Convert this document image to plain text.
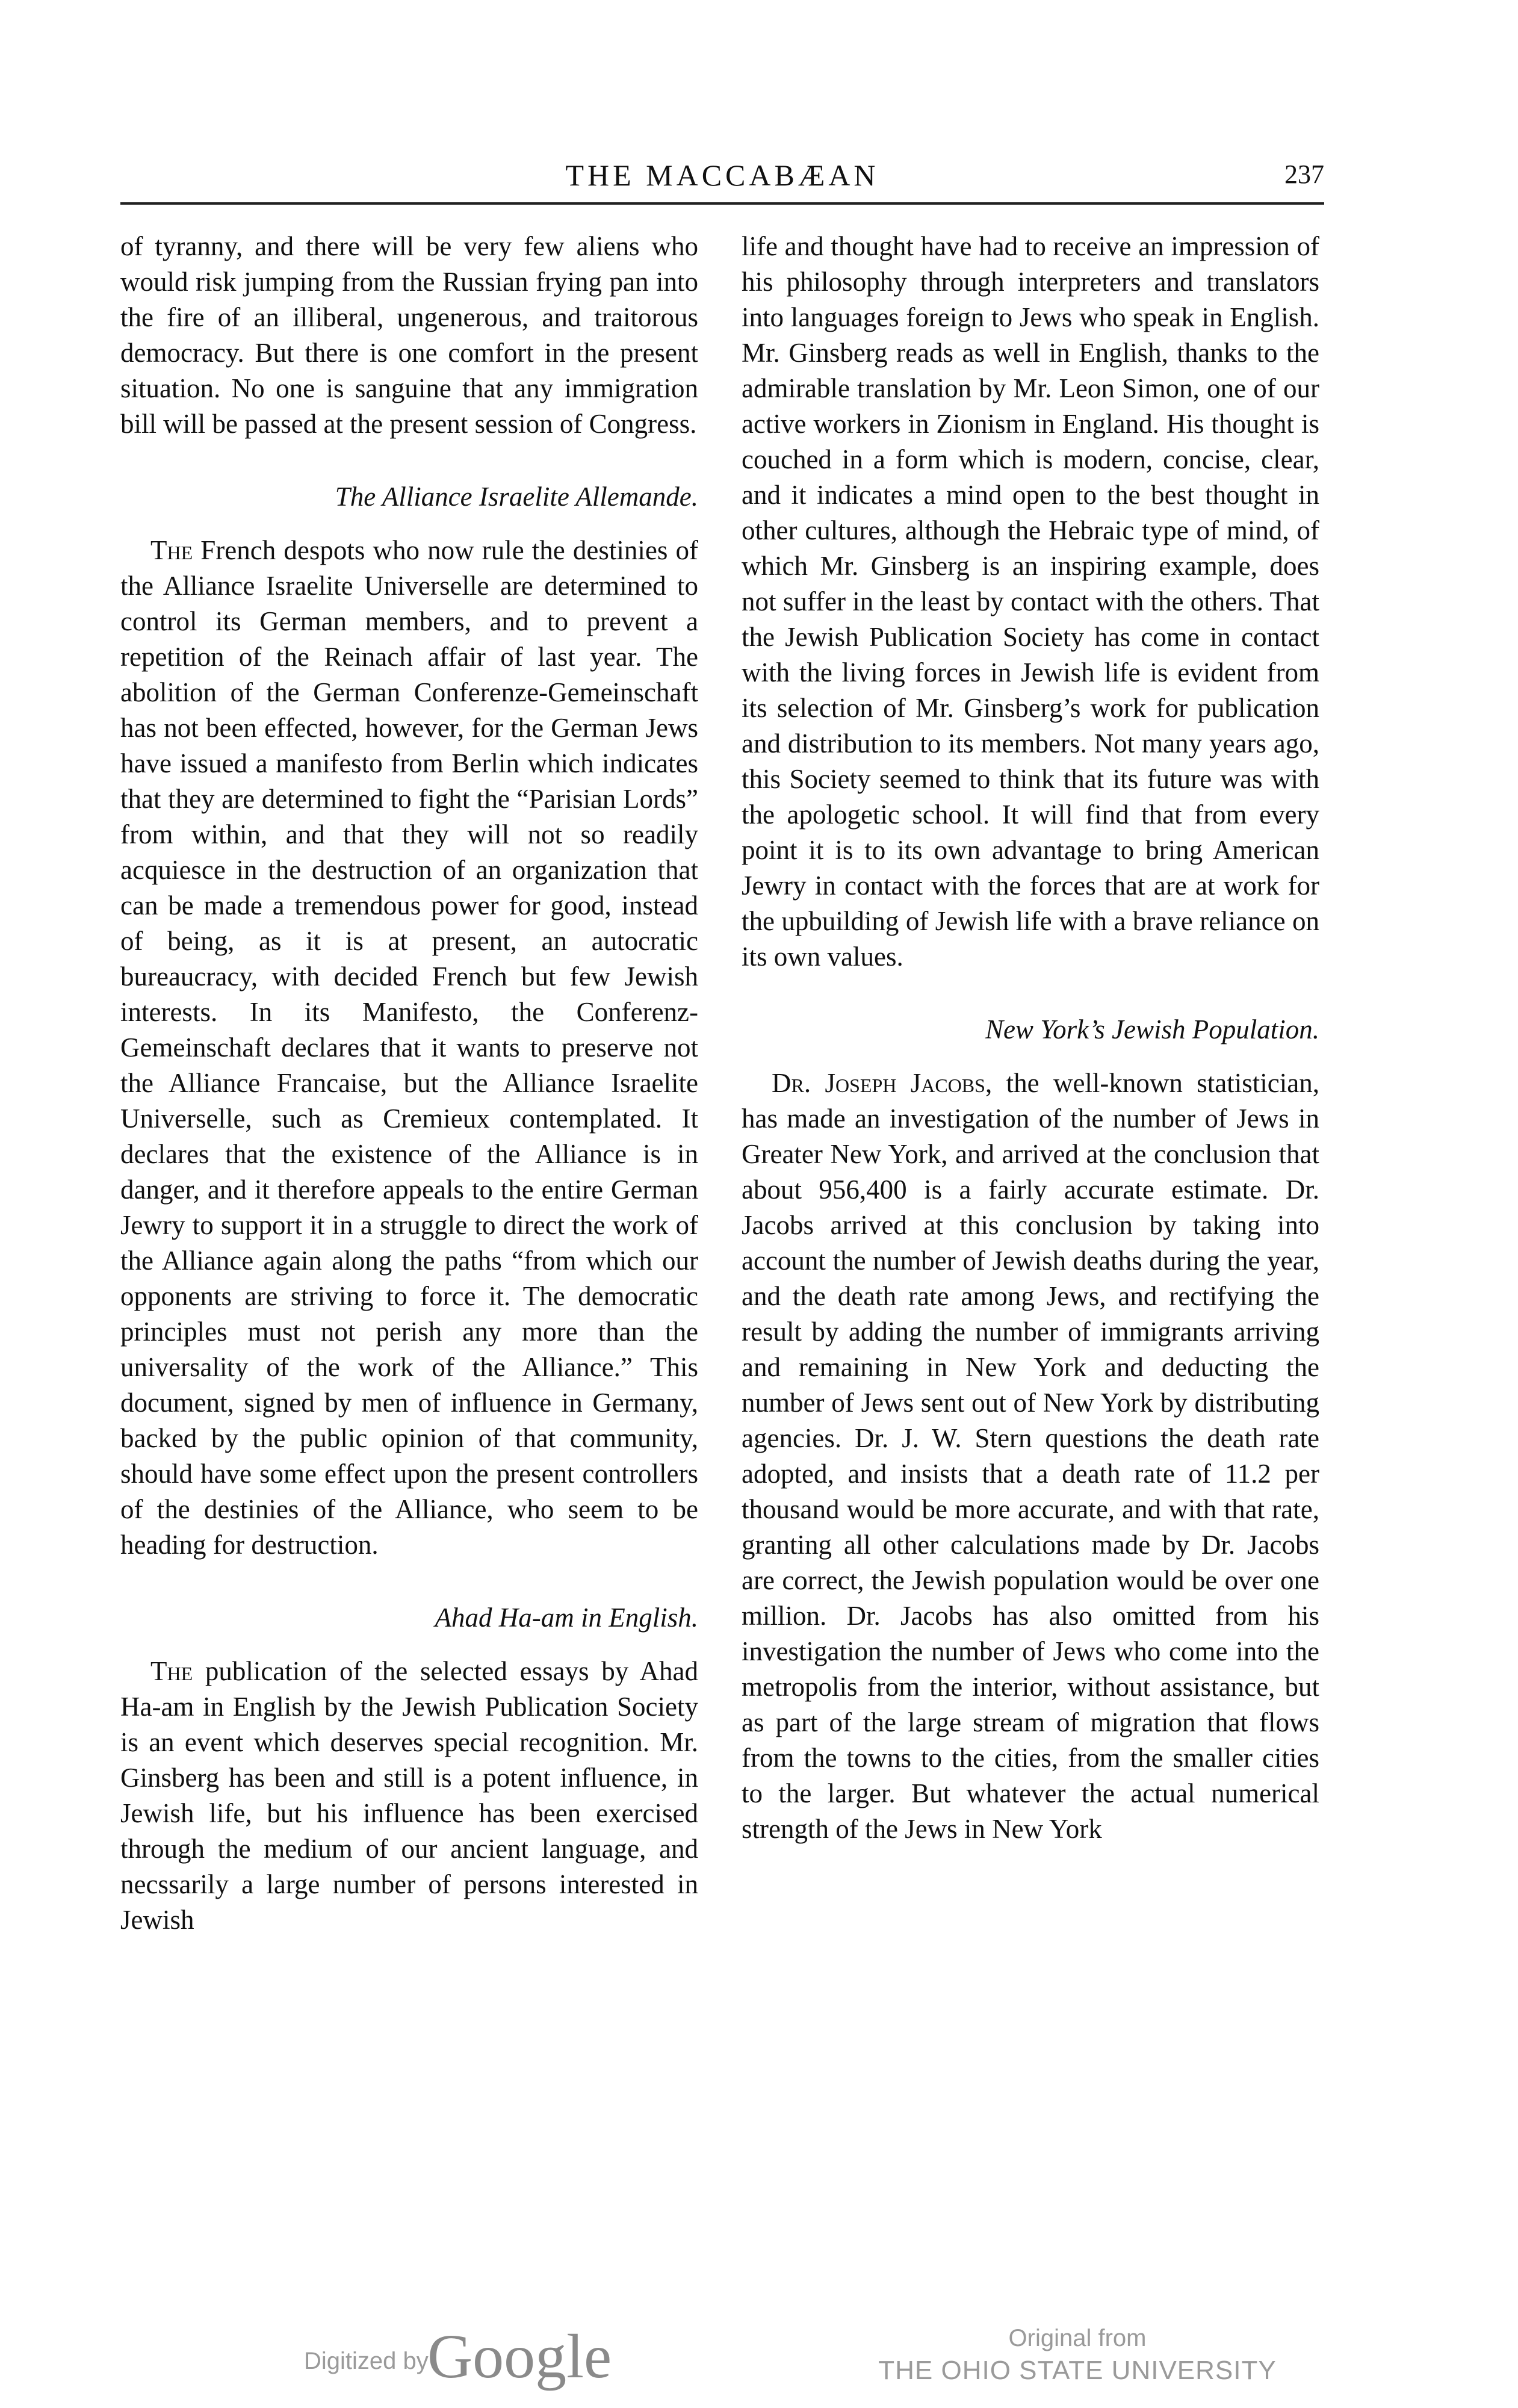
THE MACCABÆAN	237

of tyranny, and there will be very few aliens who would risk jumping from the Russian frying pan into the fire of an illiberal, ungenerous, and traitorous democracy. But there is one comfort in the present situation. No one is sanguine that any immigration bill will be passed at the present session of Congress.

The Alliance Israelite Allemande.

The French despots who now rule the destinies of the Alliance Israelite Universelle are determined to control its German members, and to prevent a repetition of the Reinach affair of last year. The abolition of the German Conferenze-Gemeinschaft has not been effected, however, for the German Jews have issued a manifesto from Berlin which indicates that they are determined to fight the “Parisian Lords” from within, and that they will not so readily acquiesce in the destruction of an organization that can be made a tremendous power for good, instead of being, as it is at present, an autocratic bureaucracy, with decided French but few Jewish interests. In its Manifesto, the Conferenz-Gemeinschaft declares that it wants to preserve not the Alliance Francaise, but the Alliance Israelite Universelle, such as Cremieux contemplated. It declares that the existence of the Alliance is in danger, and it therefore appeals to the entire German Jewry to support it in a struggle to direct the work of the Alliance again along the paths “from which our opponents are striving to force it. The democratic principles must not perish any more than the universality of the work of the Alliance.” This document, signed by men of influence in Germany, backed by the public opinion of that community, should have some effect upon the present controllers of the destinies of the Alliance, who seem to be heading for destruction.

Ahad Ha-am in English.

The publication of the selected essays by Ahad Ha-am in English by the Jewish Publication Society is an event which deserves special recognition. Mr. Ginsberg has been and still is a potent influence, in Jewish life, but his influence has been exercised through the medium of our ancient language, and necssarily a large number of persons interested in Jewish

life and thought have had to receive an impression of his philosophy through interpreters and translators into languages foreign to Jews who speak in English. Mr. Ginsberg reads as well in English, thanks to the admirable translation by Mr. Leon Simon, one of our active workers in Zionism in England. His thought is couched in a form which is modern, concise, clear, and it indicates a mind open to the best thought in other cultures, although the Hebraic type of mind, of which Mr. Ginsberg is an inspiring example, does not suffer in the least by contact with the others. That the Jewish Publication Society has come in contact with the living forces in Jewish life is evident from its selection of Mr. Ginsberg’s work for publication and distribution to its members. Not many years ago, this Society seemed to think that its future was with the apologetic school. It will find that from every point it is to its own advantage to bring American Jewry in contact with the forces that are at work for the upbuilding of Jewish life with a brave reliance on its own values.

New York’s Jewish Population.

Dr. Joseph Jacobs, the well-known statistician, has made an investigation of the number of Jews in Greater New York, and arrived at the conclusion that about 956,400 is a fairly accurate estimate. Dr. Jacobs arrived at this conclusion by taking into account the number of Jewish deaths during the year, and the death rate among Jews, and rectifying the result by adding the number of immigrants arriving and remaining in New York and deducting the number of Jews sent out of New York by distributing agencies. Dr. J. W. Stern questions the death rate adopted, and insists that a death rate of 11.2 per thousand would be more accurate, and with that rate, granting all other calculations made by Dr. Jacobs are correct, the Jewish population would be over one million. Dr. Jacobs has also omitted from his investigation the number of Jews who come into the metropolis from the interior, without assistance, but as part of the large stream of migration that flows from the towns to the cities, from the smaller cities to the larger. But whatever the actual numerical strength of the Jews in New York

Digitized by
Google	Original from
THE OHIO STATE UNIVERSITY
